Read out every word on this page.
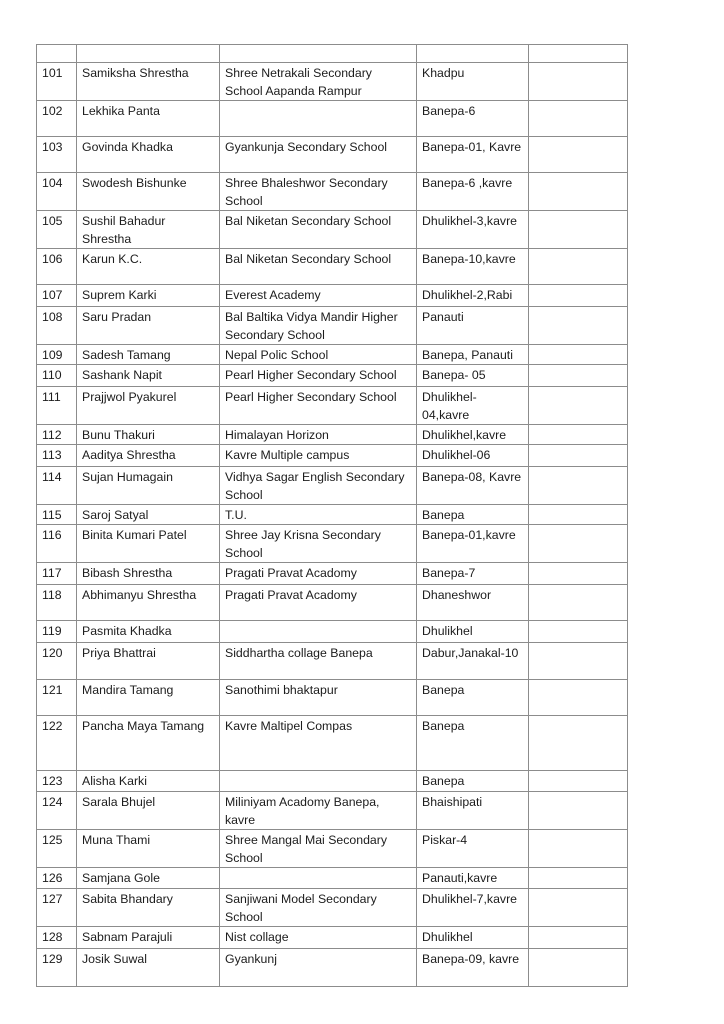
101	Samiksha Shrestha	Shree Netrakali Secondary School Aapanda Rampur	Khadpu	
102	Lekhika Panta		Banepa-6	
103	Govinda Khadka	Gyankunja Secondary School	Banepa-01, Kavre	
104	Swodesh Bishunke	Shree Bhaleshwor Secondary School	Banepa-6 ,kavre	
105	Sushil Bahadur Shrestha	Bal Niketan Secondary School	Dhulikhel-3,kavre	
106	Karun K.C.	Bal Niketan Secondary School	Banepa-10,kavre	
107	Suprem Karki	Everest Academy	Dhulikhel-2,Rabi	
108	Saru Pradan	Bal Baltika Vidya Mandir Higher Secondary School	Panauti	
109	Sadesh Tamang	Nepal Polic School	Banepa, Panauti	
110	Sashank Napit	Pearl Higher Secondary School	Banepa- 05	
111	Prajjwol Pyakurel	Pearl Higher Secondary School	Dhulikhel-04,kavre	
112	Bunu Thakuri	Himalayan Horizon	Dhulikhel,kavre	
113	Aaditya Shrestha	Kavre Multiple campus	Dhulikhel-06	
114	Sujan Humagain	Vidhya Sagar English Secondary School	Banepa-08, Kavre	
115	Saroj Satyal	T.U.	Banepa	
116	Binita Kumari Patel	Shree Jay Krisna Secondary School	Banepa-01,kavre	
117	Bibash Shrestha	Pragati Pravat Acadomy	Banepa-7	
118	Abhimanyu Shrestha	Pragati Pravat Acadomy	Dhaneshwor	
119	Pasmita Khadka		Dhulikhel	
120	Priya Bhattrai	Siddhartha collage Banepa	Dabur,Janakal-10	
121	Mandira Tamang	Sanothimi bhaktapur	Banepa	
122	Pancha Maya Tamang	Kavre Maltipel Compas	Banepa	
123	Alisha Karki		Banepa	
124	Sarala Bhujel	Miliniyam Acadomy Banepa, kavre	Bhaishipati	
125	Muna Thami	Shree Mangal Mai Secondary School	Piskar-4	
126	Samjana Gole		Panauti,kavre	
127	Sabita Bhandary	Sanjiwani Model Secondary School	Dhulikhel-7,kavre	
128	Sabnam Parajuli	Nist collage	Dhulikhel	
129	Josik Suwal	Gyankunj	Banepa-09, kavre	
